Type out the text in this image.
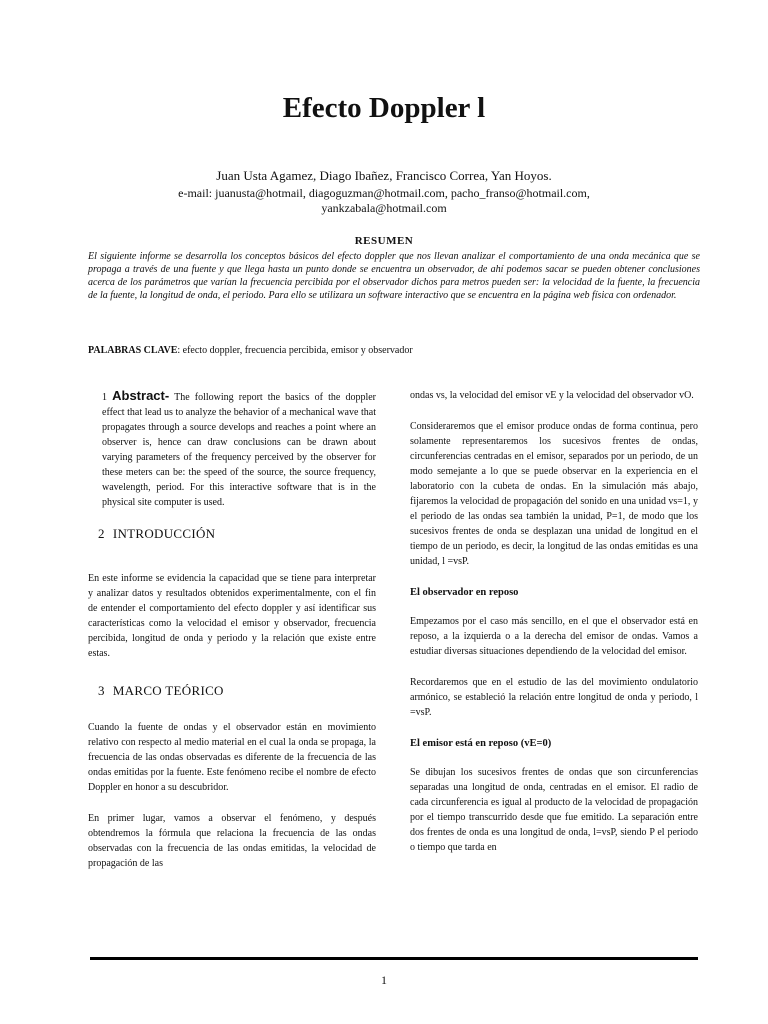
Efecto Doppler l
Juan Usta Agamez, Diago Ibañez, Francisco Correa, Yan Hoyos.
e-mail: juanusta@hotmail, diagoguzman@hotmail.com, pacho_franso@hotmail.com,
yankzabala@hotmail.com
RESUMEN
El siguiente informe se desarrolla los conceptos básicos del efecto doppler que nos llevan analizar el comportamiento de una onda mecánica que se propaga a través de una fuente y que llega hasta un punto donde se encuentra un observador, de ahí podemos sacar se pueden obtener conclusiones acerca de los parámetros que varían la frecuencia percibida por el observador dichos para metros pueden ser: la velocidad de la fuente, la frecuencia de la fuente, la longitud de onda, el periodo. Para ello se utilizara un software interactivo que se encuentra en la página web física con ordenador.
PALABRAS CLAVE: efecto doppler, frecuencia percibida, emisor y observador

1 Abstract- The following report the basics of the doppler effect that lead us to analyze the behavior of a mechanical wave that propagates through a source develops and reaches a point where an observer is, hence can draw conclusions can be drawn about varying parameters of the frequency perceived by the observer for these meters can be: the speed of the source, the source frequency, wavelength, period. For this interactive software that is in the physical site computer is used.

2 INTRODUCCIÓN

En este informe se evidencia la capacidad que se tiene para interpretar y analizar datos y resultados obtenidos experimentalmente, con el fin de entender el comportamiento del efecto doppler y así identificar sus características como la velocidad el emisor y observador, frecuencia percibida, longitud de onda y periodo y la relación que existe entre estas.

3 MARCO TEÓRICO

Cuando la fuente de ondas y el observador están en movimiento relativo con respecto al medio material en el cual la onda se propaga, la frecuencia de las ondas observadas es diferente de la frecuencia de las ondas emitidas por la fuente. Este fenómeno recibe el nombre de efecto Doppler en honor a su descubridor.

En primer lugar, vamos a observar el fenómeno, y después obtendremos la fórmula que relaciona la frecuencia de las ondas observadas con la frecuencia de las ondas emitidas, la velocidad de propagación de las

ondas vs, la velocidad del emisor vE y la velocidad del observador vO.

Consideraremos que el emisor produce ondas de forma continua, pero solamente representaremos los sucesivos frentes de ondas, circunferencias centradas en el emisor, separados por un periodo, de un modo semejante a lo que se puede observar en la experiencia en el laboratorio con la cubeta de ondas. En la simulación más abajo, fijaremos la velocidad de propagación del sonido en una unidad vs=1, y el periodo de las ondas sea también la unidad, P=1, de modo que los sucesivos frentes de onda se desplazan una unidad de longitud en el tiempo de un periodo, es decir, la longitud de las ondas emitidas es una unidad, l =vsP.

El observador en reposo

Empezamos por el caso más sencillo, en el que el observador está en reposo, a la izquierda o a la derecha del emisor de ondas. Vamos a estudiar diversas situaciones dependiendo de la velocidad del emisor.

Recordaremos que en el estudio de las del movimiento ondulatorio armónico, se estableció la relación entre longitud de onda y periodo, l =vsP.

El emisor está en reposo (vE=0)

Se dibujan los sucesivos frentes de ondas que son circunferencias separadas una longitud de onda, centradas en el emisor. El radio de cada circunferencia es igual al producto de la velocidad de propagación por el tiempo transcurrido desde que fue emitido. La separación entre dos frentes de onda es una longitud de onda, l=vsP, siendo P el periodo o tiempo que tarda en

1
